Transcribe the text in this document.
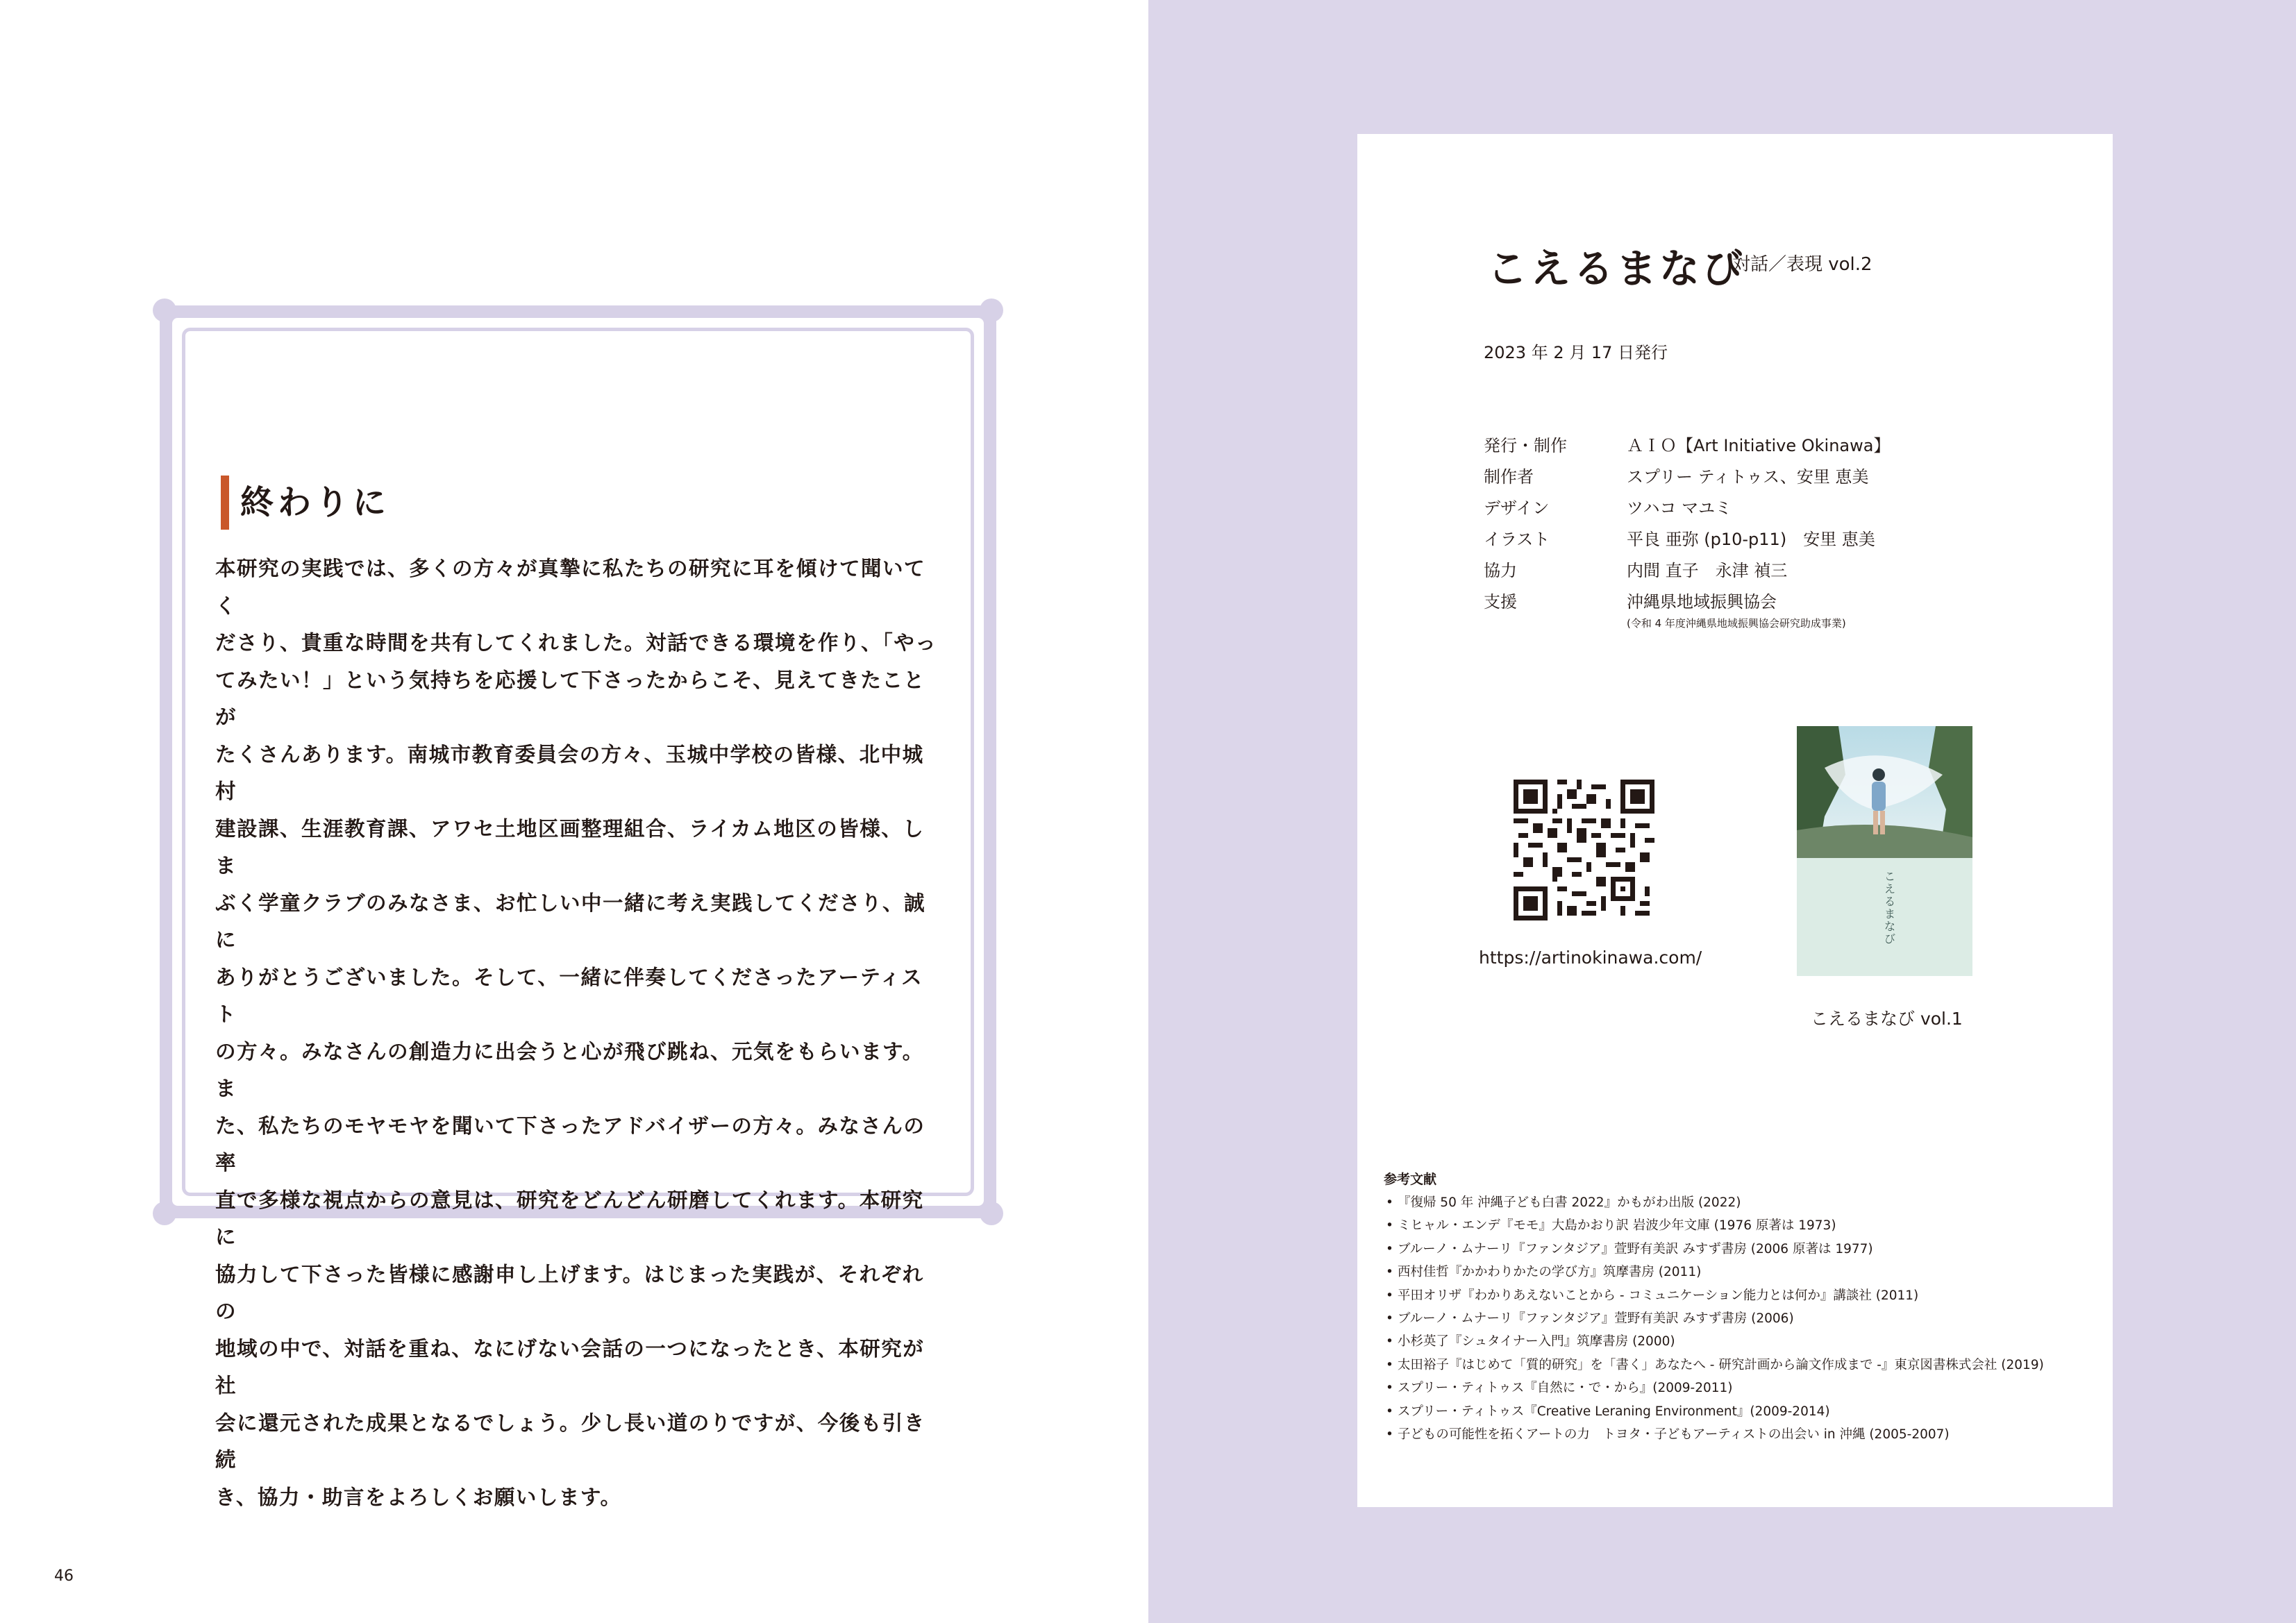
終わりに
本研究の実践では、多くの方々が真摯に私たちの研究に耳を傾けて聞いてく
ださり、貴重な時間を共有してくれました。対話できる環境を作り、「やっ
てみたい！」という気持ちを応援して下さったからこそ、見えてきたことが
たくさんあります。南城市教育委員会の方々、玉城中学校の皆様、北中城村
建設課、生涯教育課、アワセ土地区画整理組合、ライカム地区の皆様、しま
ぶく学童クラブのみなさま、お忙しい中一緒に考え実践してくださり、誠に
ありがとうございました。そして、一緒に伴奏してくださったアーティスト
の方々。みなさんの創造力に出会うと心が飛び跳ね、元気をもらいます。ま
た、私たちのモヤモヤを聞いて下さったアドバイザーの方々。みなさんの率
直で多様な視点からの意見は、研究をどんどん研磨してくれます。本研究に
協力して下さった皆様に感謝申し上げます。はじまった実践が、それぞれの
地域の中で、対話を重ね、なにげない会話の一つになったとき、本研究が社
会に還元された成果となるでしょう。少し長い道のりですが、今後も引き続
き、協力・助言をよろしくお願いします。
46
こえるまなび
対話／表現 vol.2
2023 年 2 月 17 日発行
発行・制作	ＡＩＯ【Art Initiative Okinawa】
制作者	スプリー ティトゥス、安里 恵美
デザイン	ツハコ マユミ
イラスト	平良 亜弥 (p10-p11)　安里 恵美
協力	内間 直子　永津 禎三
支援	沖縄県地域振興協会
(令和 4 年度沖縄県地域振興協会研究助成事業)
https://artinokinawa.com/
こ
え
る
ま
な
び
こえるまなび vol.1
参考文献
• 『復帰 50 年 沖縄子ども白書 2022』かもがわ出版 (2022)
• ミヒャル・エンデ『モモ』大島かおり訳 岩波少年文庫 (1976 原著は 1973)
• ブルーノ・ムナーリ『ファンタジア』萱野有美訳 みすず書房 (2006 原著は 1977)
• 西村佳哲『かかわりかたの学び方』筑摩書房 (2011)
• 平田オリザ『わかりあえないことから - コミュニケーション能力とは何か』講談社 (2011)
• ブルーノ・ムナーリ『ファンタジア』萱野有美訳 みすず書房 (2006)
• 小杉英了『シュタイナー入門』筑摩書房 (2000)
• 太田裕子『はじめて「質的研究」を「書く」あなたへ - 研究計画から論文作成まで -』東京図書株式会社 (2019)
• スプリー・ティトゥス『自然に・で・から』(2009-2011)
• スプリー・ティトゥス『Creative Leraning Environment』(2009-2014)
• 子どもの可能性を拓くアートの力　トヨタ・子どもアーティストの出会い in 沖縄 (2005-2007)
